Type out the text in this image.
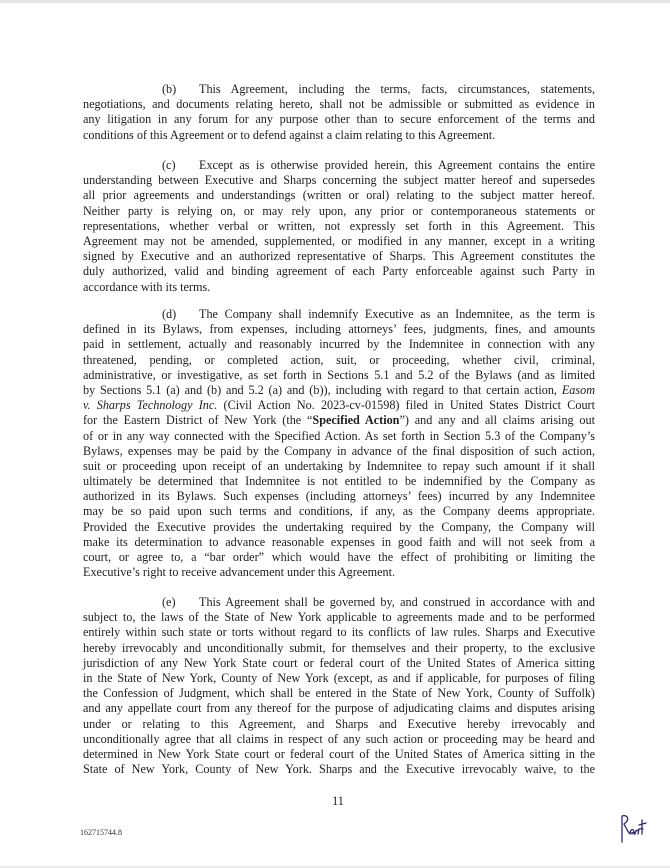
(b) This Agreement, including the terms, facts, circumstances, statements,
negotiations, and documents relating hereto, shall not be admissible or submitted as evidence in
any litigation in any forum for any purpose other than to secure enforcement of the terms and
conditions of this Agreement or to defend against a claim relating to this Agreement.
(c) Except as is otherwise provided herein, this Agreement contains the entire
understanding between Executive and Sharps concerning the subject matter hereof and supersedes
all prior agreements and understandings (written or oral) relating to the subject matter hereof.
Neither party is relying on, or may rely upon, any prior or contemporaneous statements or
representations, whether verbal or written, not expressly set forth in this Agreement. This
Agreement may not be amended, supplemented, or modified in any manner, except in a writing
signed by Executive and an authorized representative of Sharps. This Agreement constitutes the
duly authorized, valid and binding agreement of each Party enforceable against such Party in
accordance with its terms.
(d) The Company shall indemnify Executive as an Indemnitee, as the term is
defined in its Bylaws, from expenses, including attorneys’ fees, judgments, fines, and amounts
paid in settlement, actually and reasonably incurred by the Indemnitee in connection with any
threatened, pending, or completed action, suit, or proceeding, whether civil, criminal,
administrative, or investigative, as set forth in Sections 5.1 and 5.2 of the Bylaws (and as limited
by Sections 5.1 (a) and (b) and 5.2 (a) and (b)), including with regard to that certain action, Easom
v. Sharps Technology Inc. (Civil Action No. 2023-cv-01598) filed in United States District Court
for the Eastern District of New York (the “Specified Action”) and any and all claims arising out
of or in any way connected with the Specified Action. As set forth in Section 5.3 of the Company’s
Bylaws, expenses may be paid by the Company in advance of the final disposition of such action,
suit or proceeding upon receipt of an undertaking by Indemnitee to repay such amount if it shall
ultimately be determined that Indemnitee is not entitled to be indemnified by the Company as
authorized in its Bylaws. Such expenses (including attorneys’ fees) incurred by any Indemnitee
may be so paid upon such terms and conditions, if any, as the Company deems appropriate.
Provided the Executive provides the undertaking required by the Company, the Company will
make its determination to advance reasonable expenses in good faith and will not seek from a
court, or agree to, a “bar order” which would have the effect of prohibiting or limiting the
Executive’s right to receive advancement under this Agreement.
(e) This Agreement shall be governed by, and construed in accordance with and
subject to, the laws of the State of New York applicable to agreements made and to be performed
entirely within such state or torts without regard to its conflicts of law rules. Sharps and Executive
hereby irrevocably and unconditionally submit, for themselves and their property, to the exclusive
jurisdiction of any New York State court or federal court of the United States of America sitting
in the State of New York, County of New York (except, as and if applicable, for purposes of filing
the Confession of Judgment, which shall be entered in the State of New York, County of Suffolk)
and any appellate court from any thereof for the purpose of adjudicating claims and disputes arising
under or relating to this Agreement, and Sharps and Executive hereby irrevocably and
unconditionally agree that all claims in respect of any such action or proceeding may be heard and
determined in New York State court or federal court of the United States of America sitting in the
State of New York, County of New York. Sharps and the Executive irrevocably waive, to the
11
162715744.8
